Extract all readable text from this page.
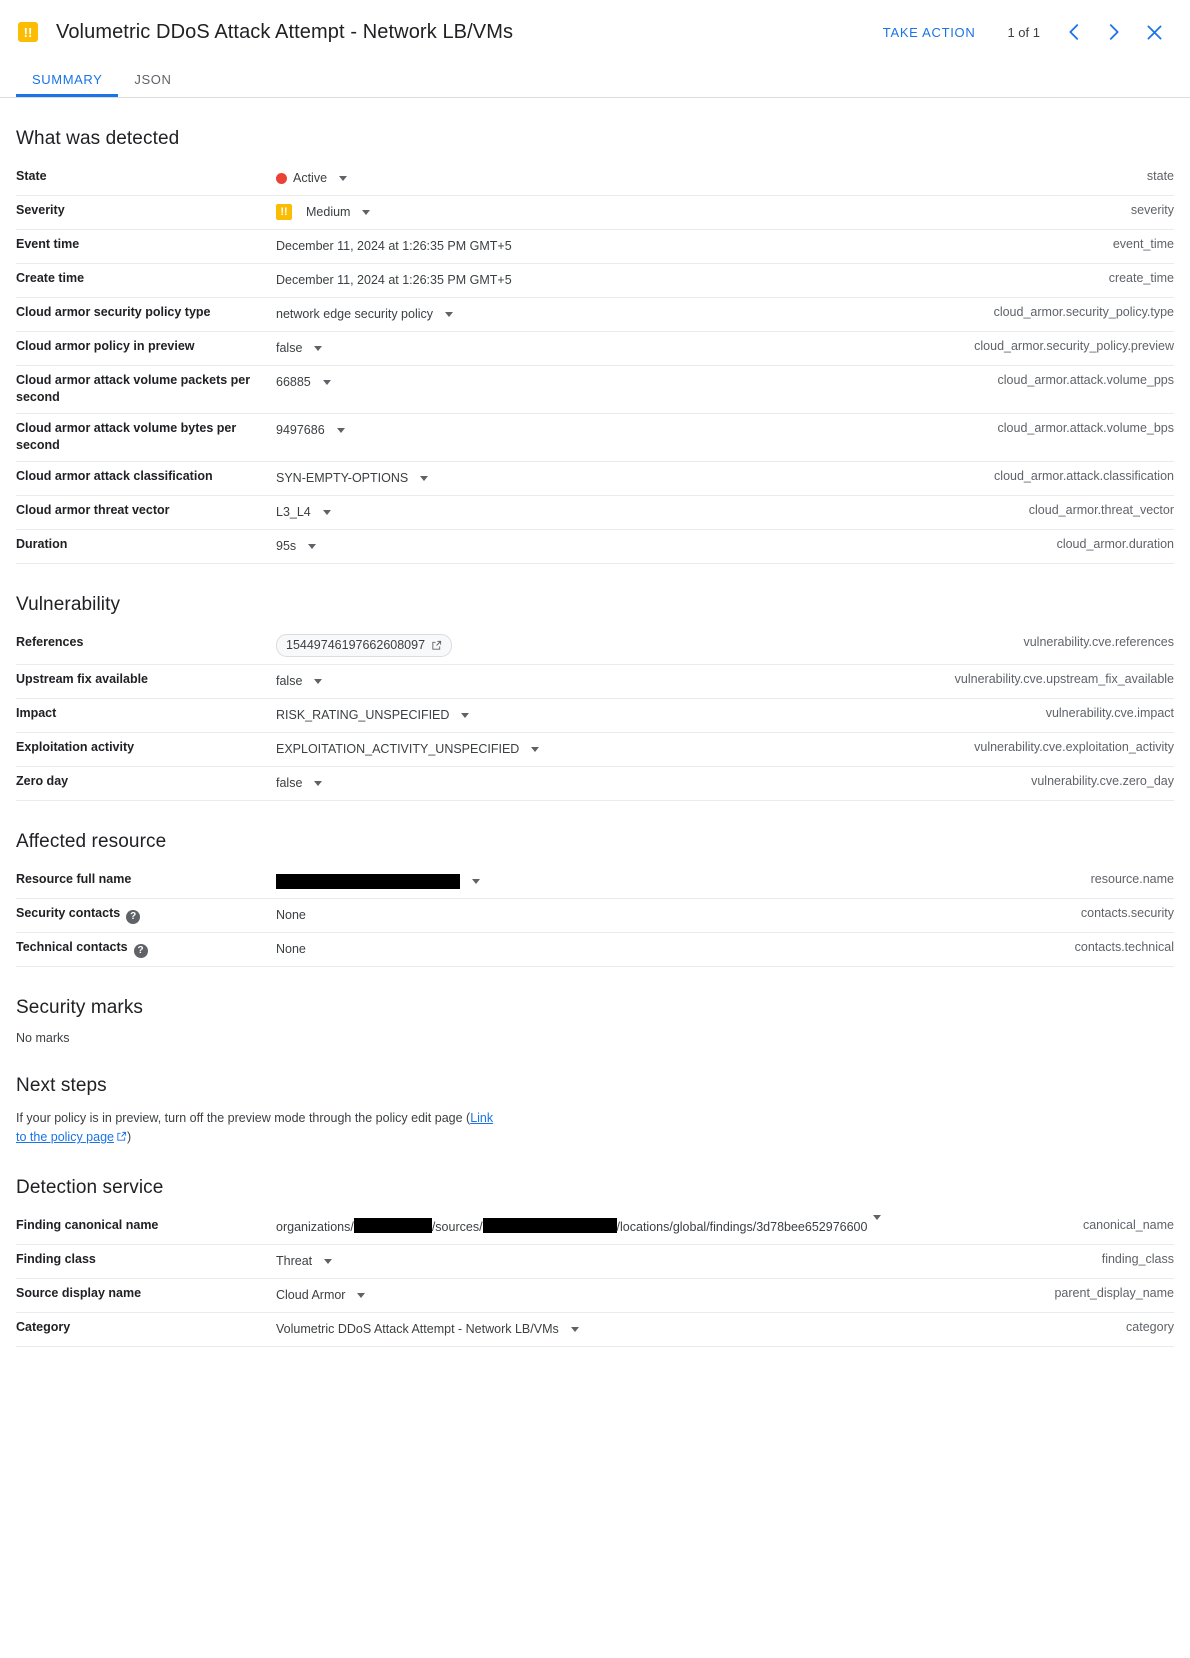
!! Volumetric DDoS Attack Attempt - Network LB/VMs	TAKE ACTION	1 of 1
SUMMARY	JSON
What was detected
State	Active	state
Severity	!! Medium	severity
Event time	December 11, 2024 at 1:26:35 PM GMT+5	event_time
Create time	December 11, 2024 at 1:26:35 PM GMT+5	create_time
Cloud armor security policy type	network edge security policy	cloud_armor.security_policy.type
Cloud armor policy in preview	false	cloud_armor.security_policy.preview
Cloud armor attack volume packets per second	66885	cloud_armor.attack.volume_pps
Cloud armor attack volume bytes per second	9497686	cloud_armor.attack.volume_bps
Cloud armor attack classification	SYN-EMPTY-OPTIONS	cloud_armor.attack.classification
Cloud armor threat vector	L3_L4	cloud_armor.threat_vector
Duration	95s	cloud_armor.duration
Vulnerability
References	15449746197662608097	vulnerability.cve.references
Upstream fix available	false	vulnerability.cve.upstream_fix_available
Impact	RISK_RATING_UNSPECIFIED	vulnerability.cve.impact
Exploitation activity	EXPLOITATION_ACTIVITY_UNSPECIFIED	vulnerability.cve.exploitation_activity
Zero day	false	vulnerability.cve.zero_day
Affected resource
Resource full name		resource.name
Security contacts ?	None	contacts.security
Technical contacts ?	None	contacts.technical
Security marks
No marks
Next steps
If your policy is in preview, turn off the preview mode through the policy edit page (Link to the policy page )
Detection service
Finding canonical name	organizations/ /sources/ /locations/global/findings/3d78bee652976600	canonical_name
Finding class	Threat	finding_class
Source display name	Cloud Armor	parent_display_name
Category	Volumetric DDoS Attack Attempt - Network LB/VMs	category
